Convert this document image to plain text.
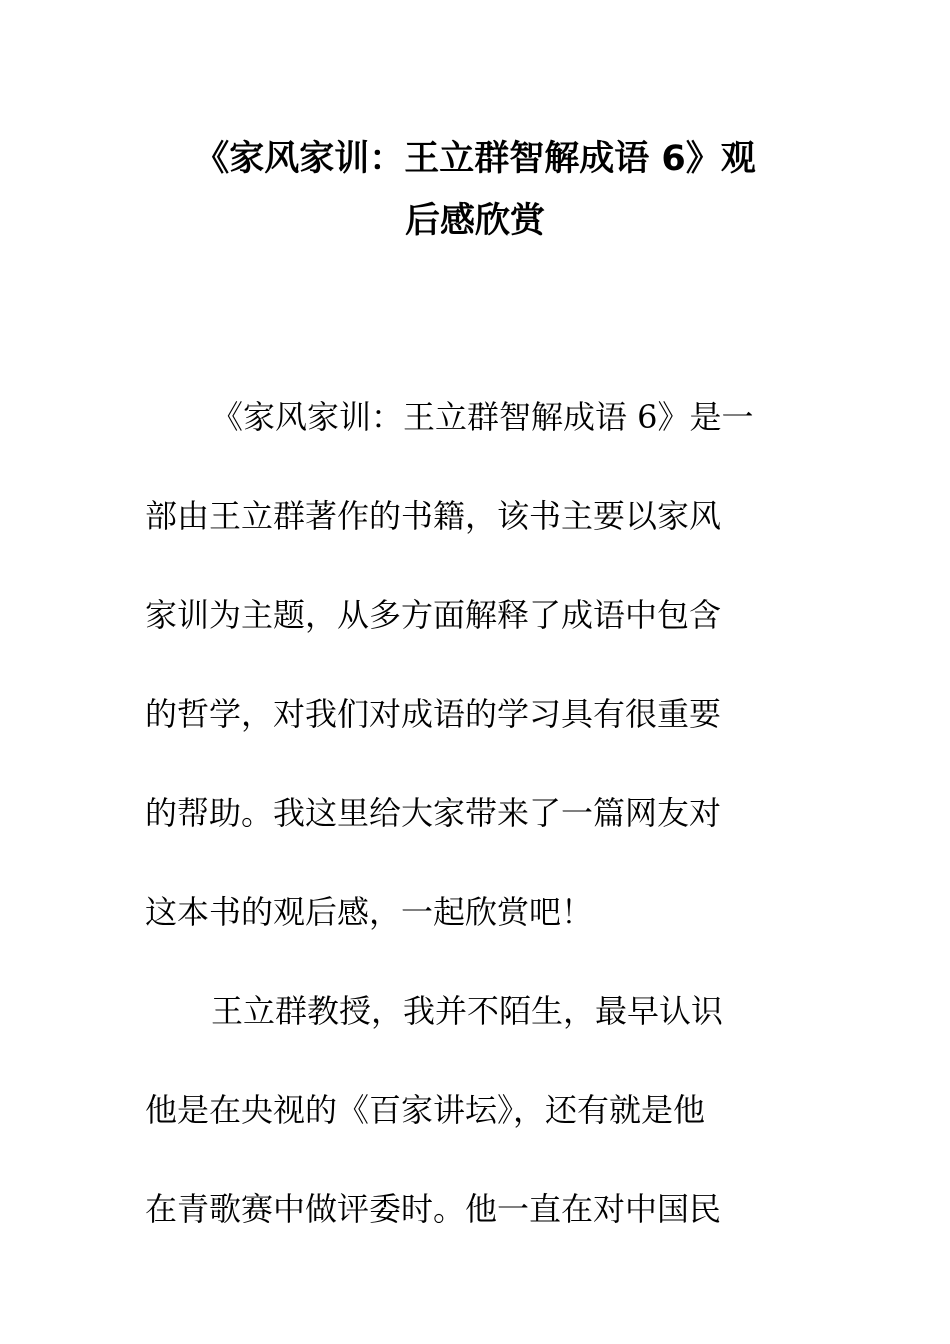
《家风家训：王立群智解成语 6》观
后感欣赏
《家风家训：王立群智解成语 6》是一
部由王立群著作的书籍，该书主要以家风
家训为主题，从多方面解释了成语中包含
的哲学，对我们对成语的学习具有很重要
的帮助。我这里给大家带来了一篇网友对
这本书的观后感，一起欣赏吧！
王立群教授，我并不陌生，最早认识
他是在央视的《百家讲坛》，还有就是他
在青歌赛中做评委时。他一直在对中国民
